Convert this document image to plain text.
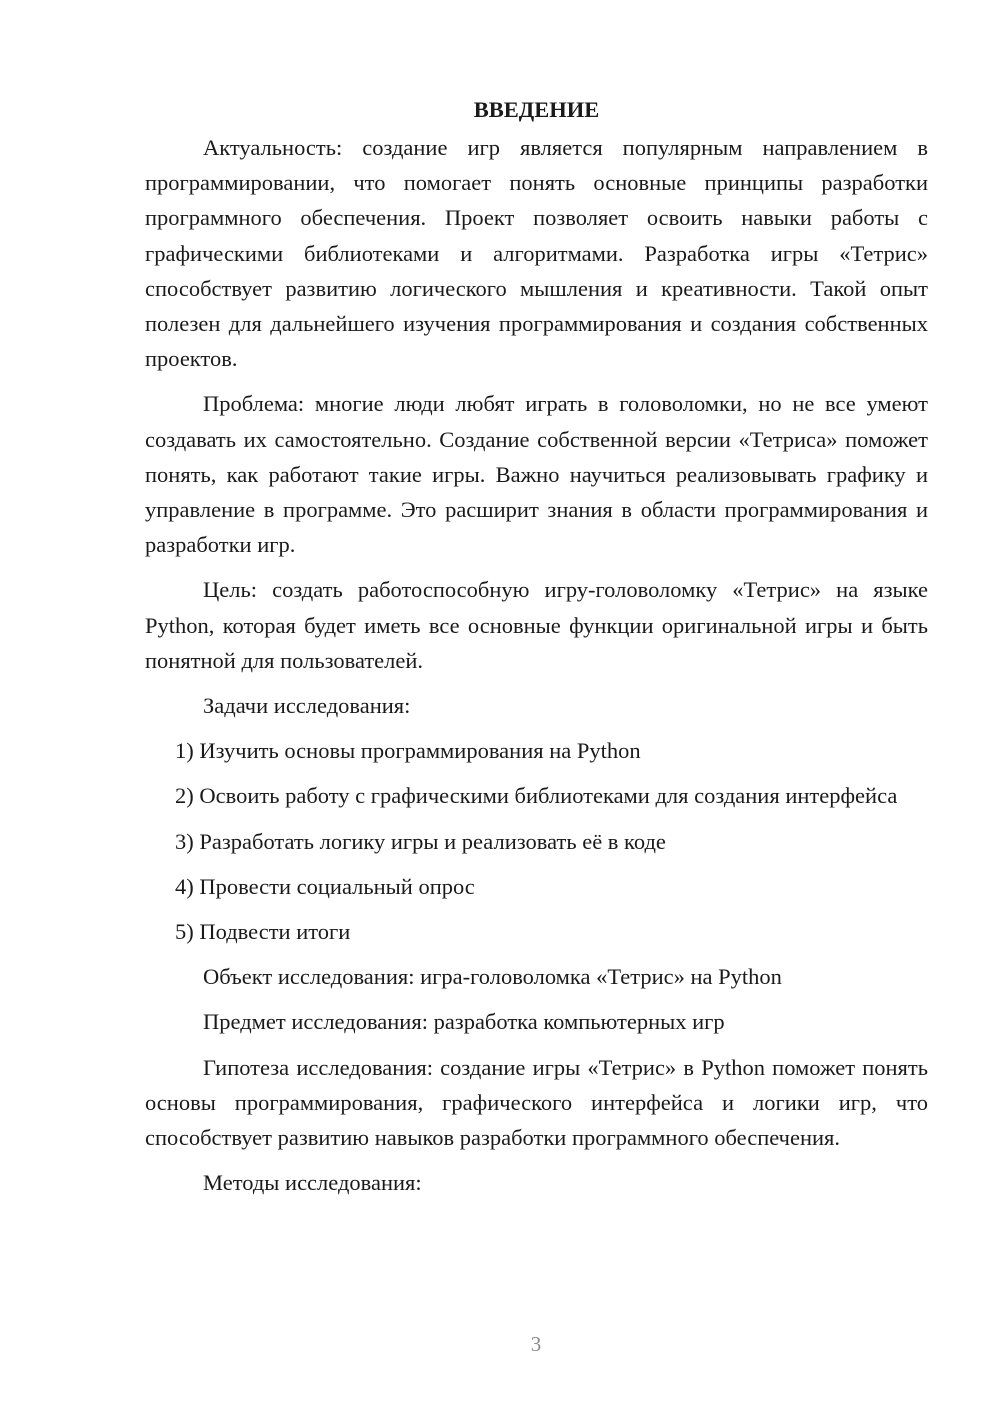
ВВЕДЕНИЕ

Актуальность: создание игр является популярным направлением в программировании, что помогает понять основные принципы разработки программного обеспечения. Проект позволяет освоить навыки работы с графическими библиотеками и алгоритмами. Разработка игры «Тетрис» способствует развитию логического мышления и креативности. Такой опыт полезен для дальнейшего изучения программирования и создания собственных проектов.

Проблема: многие люди любят играть в головоломки, но не все умеют создавать их самостоятельно. Создание собственной версии «Тетриса» поможет понять, как работают такие игры. Важно научиться реализовывать графику и управление в программе. Это расширит знания в области программирования и разработки игр.

Цель: создать работоспособную игру-головоломку «Тетрис» на языке Python, которая будет иметь все основные функции оригинальной игры и быть понятной для пользователей.

Задачи исследования:

1) Изучить основы программирования на Python

2) Освоить работу с графическими библиотеками для создания интерфейса

3) Разработать логику игры и реализовать её в коде

4) Провести социальный опрос

5) Подвести итоги

Объект исследования: игра-головоломка «Тетрис» на Python

Предмет исследования: разработка компьютерных игр

Гипотеза исследования: создание игры «Тетрис» в Python поможет понять основы программирования, графического интерфейса и логики игр, что способствует развитию навыков разработки программного обеспечения.

Методы исследования:

3
